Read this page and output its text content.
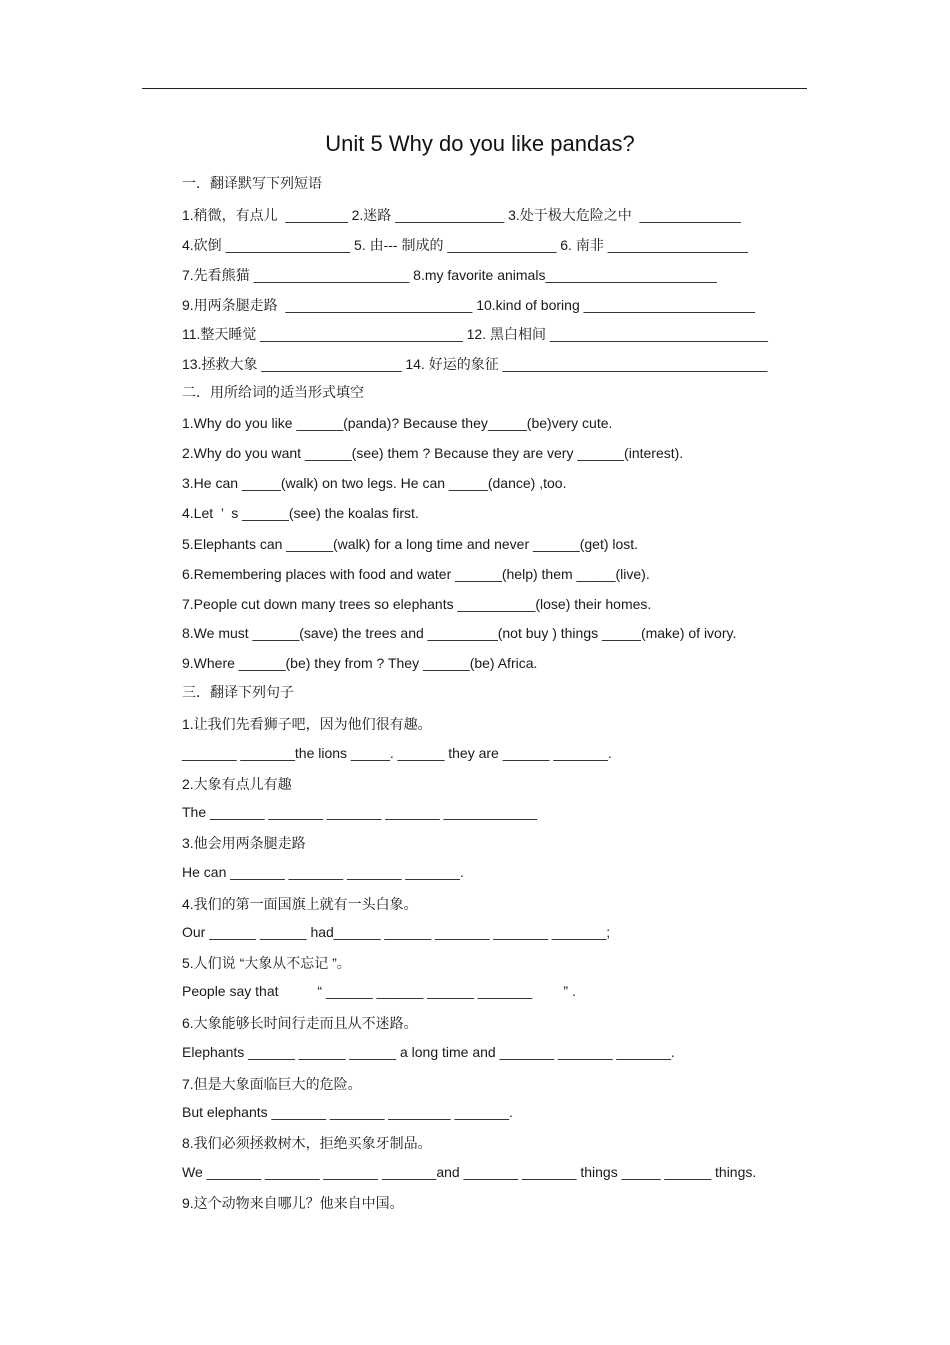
Unit 5 Why do you like pandas?
一．翻译默写下列短语
1.稍微，有点儿  ________ 2.迷路 ______________ 3.处于极大危险之中  _____________
4.砍倒 ________________ 5. 由--- 制成的 ______________ 6. 南非 __________________
7.先看熊猫 ____________________ 8.my favorite animals______________________
9.用两条腿走路  ________________________ 10.kind of boring ______________________
11.整天睡觉 __________________________ 12. 黑白相间 ____________________________
13.拯救大象 __________________ 14. 好运的象征 __________________________________
二．用所给词的适当形式填空
1.Why do you like ______(panda)? Because they_____(be)very cute.
2.Why do you want ______(see) them ? Because they are very ______(interest).
3.He can _____(walk) on two legs. He can _____(dance) ,too.
4.Let  ’  s ______(see) the koalas first.
5.Elephants can ______(walk) for a long time and never ______(get) lost.
6.Remembering places with food and water ______(help) them _____(live).
7.People cut down many trees so elephants __________(lose) their homes.
8.We must ______(save) the trees and _________(not buy ) things _____(make) of ivory.
9.Where ______(be) they from ? They ______(be) Africa.
三．翻译下列句子
1.让我们先看狮子吧，因为他们很有趣。
_______ _______the lions _____. ______ they are ______ _______.
2.大象有点儿有趣
The _______ _______ _______ _______ ____________
3.他会用两条腿走路
He can _______ _______ _______ _______.
4.我们的第一面国旗上就有一头白象。
Our ______ ______ had______ ______ _______ _______ _______;
5.人们说 “大象从不忘记 ”。
People say that          “ ______ ______ ______ _______        ” .
6.大象能够长时间行走而且从不迷路。
Elephants ______ ______ ______ a long time and _______ _______ _______.
7.但是大象面临巨大的危险。
But elephants _______ _______ ________ _______.
8.我们必须拯救树木，拒绝买象牙制品。
We _______ _______ _______ _______and _______ _______ things _____ ______ things.
9.这个动物来自哪儿？他来自中国。
